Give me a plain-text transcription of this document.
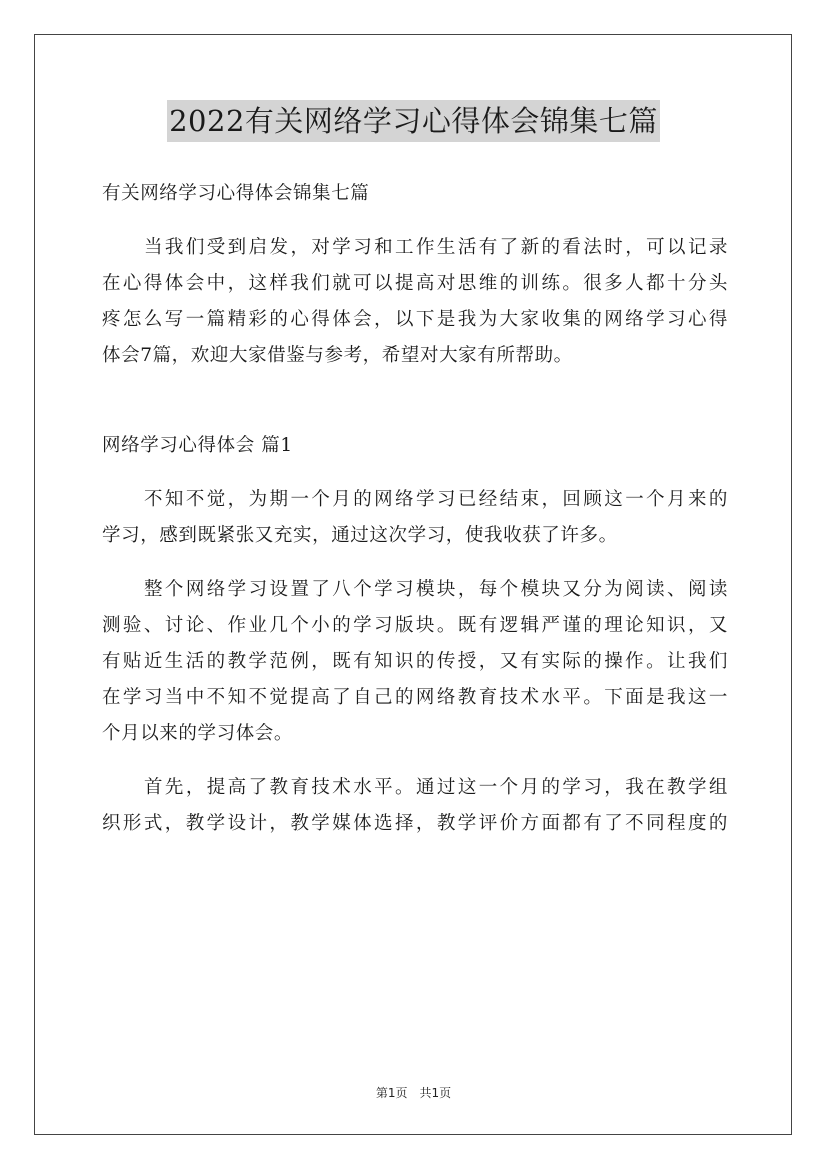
2022有关网络学习心得体会锦集七篇
有关网络学习心得体会锦集七篇
当我们受到启发，对学习和工作生活有了新的看法时，可以记录
在心得体会中，这样我们就可以提高对思维的训练。很多人都十分头
疼怎么写一篇精彩的心得体会，以下是我为大家收集的网络学习心得
体会7篇，欢迎大家借鉴与参考，希望对大家有所帮助。
网络学习心得体会 篇1
不知不觉，为期一个月的网络学习已经结束，回顾这一个月来的
学习，感到既紧张又充实，通过这次学习，使我收获了许多。
整个网络学习设置了八个学习模块，每个模块又分为阅读、阅读
测验、讨论、作业几个小的学习版块。既有逻辑严谨的理论知识，又
有贴近生活的教学范例，既有知识的传授，又有实际的操作。让我们
在学习当中不知不觉提高了自己的网络教育技术水平。下面是我这一
个月以来的学习体会。
首先，提高了教育技术水平。通过这一个月的学习，我在教学组
织形式，教学设计，教学媒体选择，教学评价方面都有了不同程度的
第1页 共1页
